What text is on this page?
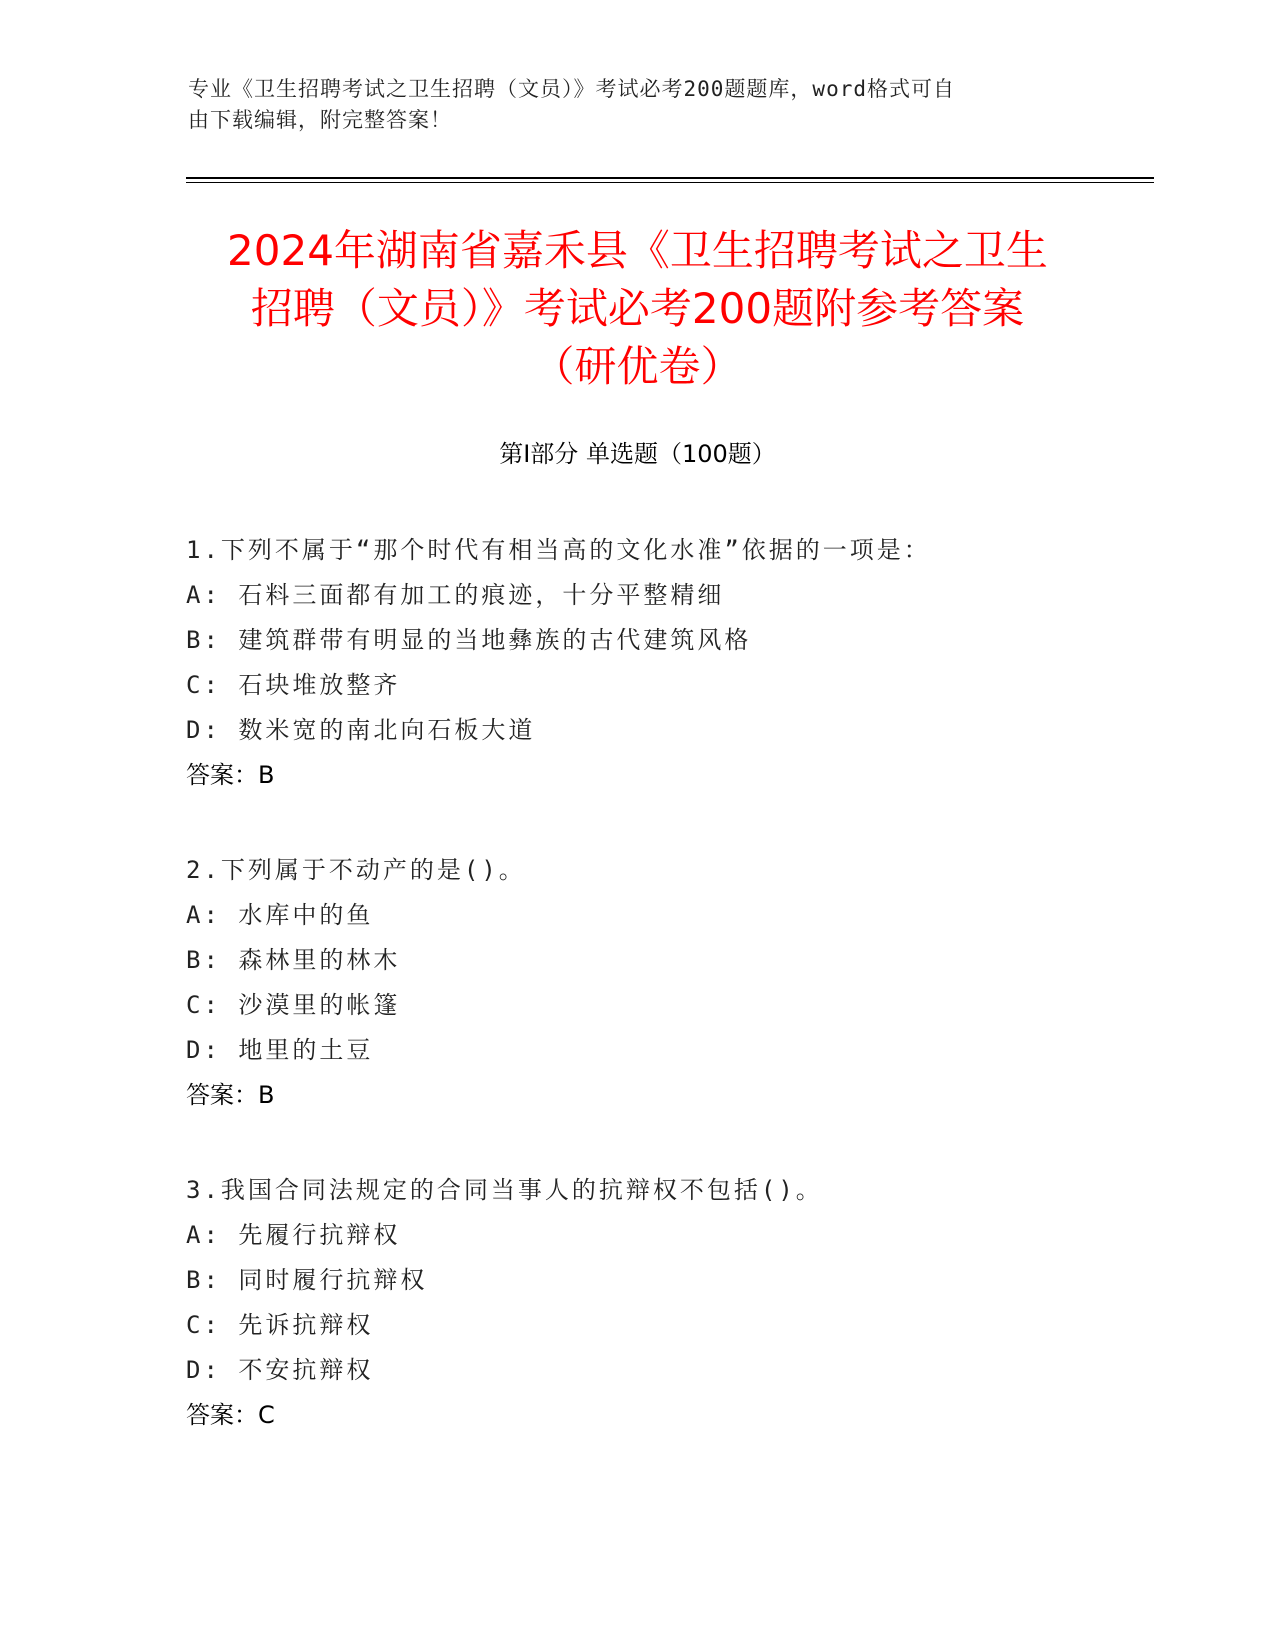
专业《卫生招聘考试之卫生招聘（文员）》考试必考200题题库，word格式可自
由下载编辑，附完整答案！
2024年湖南省嘉禾县《卫生招聘考试之卫生
招聘（文员）》考试必考200题附参考答案
（研优卷）
第Ⅰ部分 单选题（100题）
1.下列不属于“那个时代有相当高的文化水准”依据的一项是：
A: 石料三面都有加工的痕迹，十分平整精细
B: 建筑群带有明显的当地彝族的古代建筑风格
C: 石块堆放整齐
D: 数米宽的南北向石板大道
答案：B
2.下列属于不动产的是()。
A: 水库中的鱼
B: 森林里的林木
C: 沙漠里的帐篷
D: 地里的土豆
答案：B
3.我国合同法规定的合同当事人的抗辩权不包括()。
A: 先履行抗辩权
B: 同时履行抗辩权
C: 先诉抗辩权
D: 不安抗辩权
答案：C
